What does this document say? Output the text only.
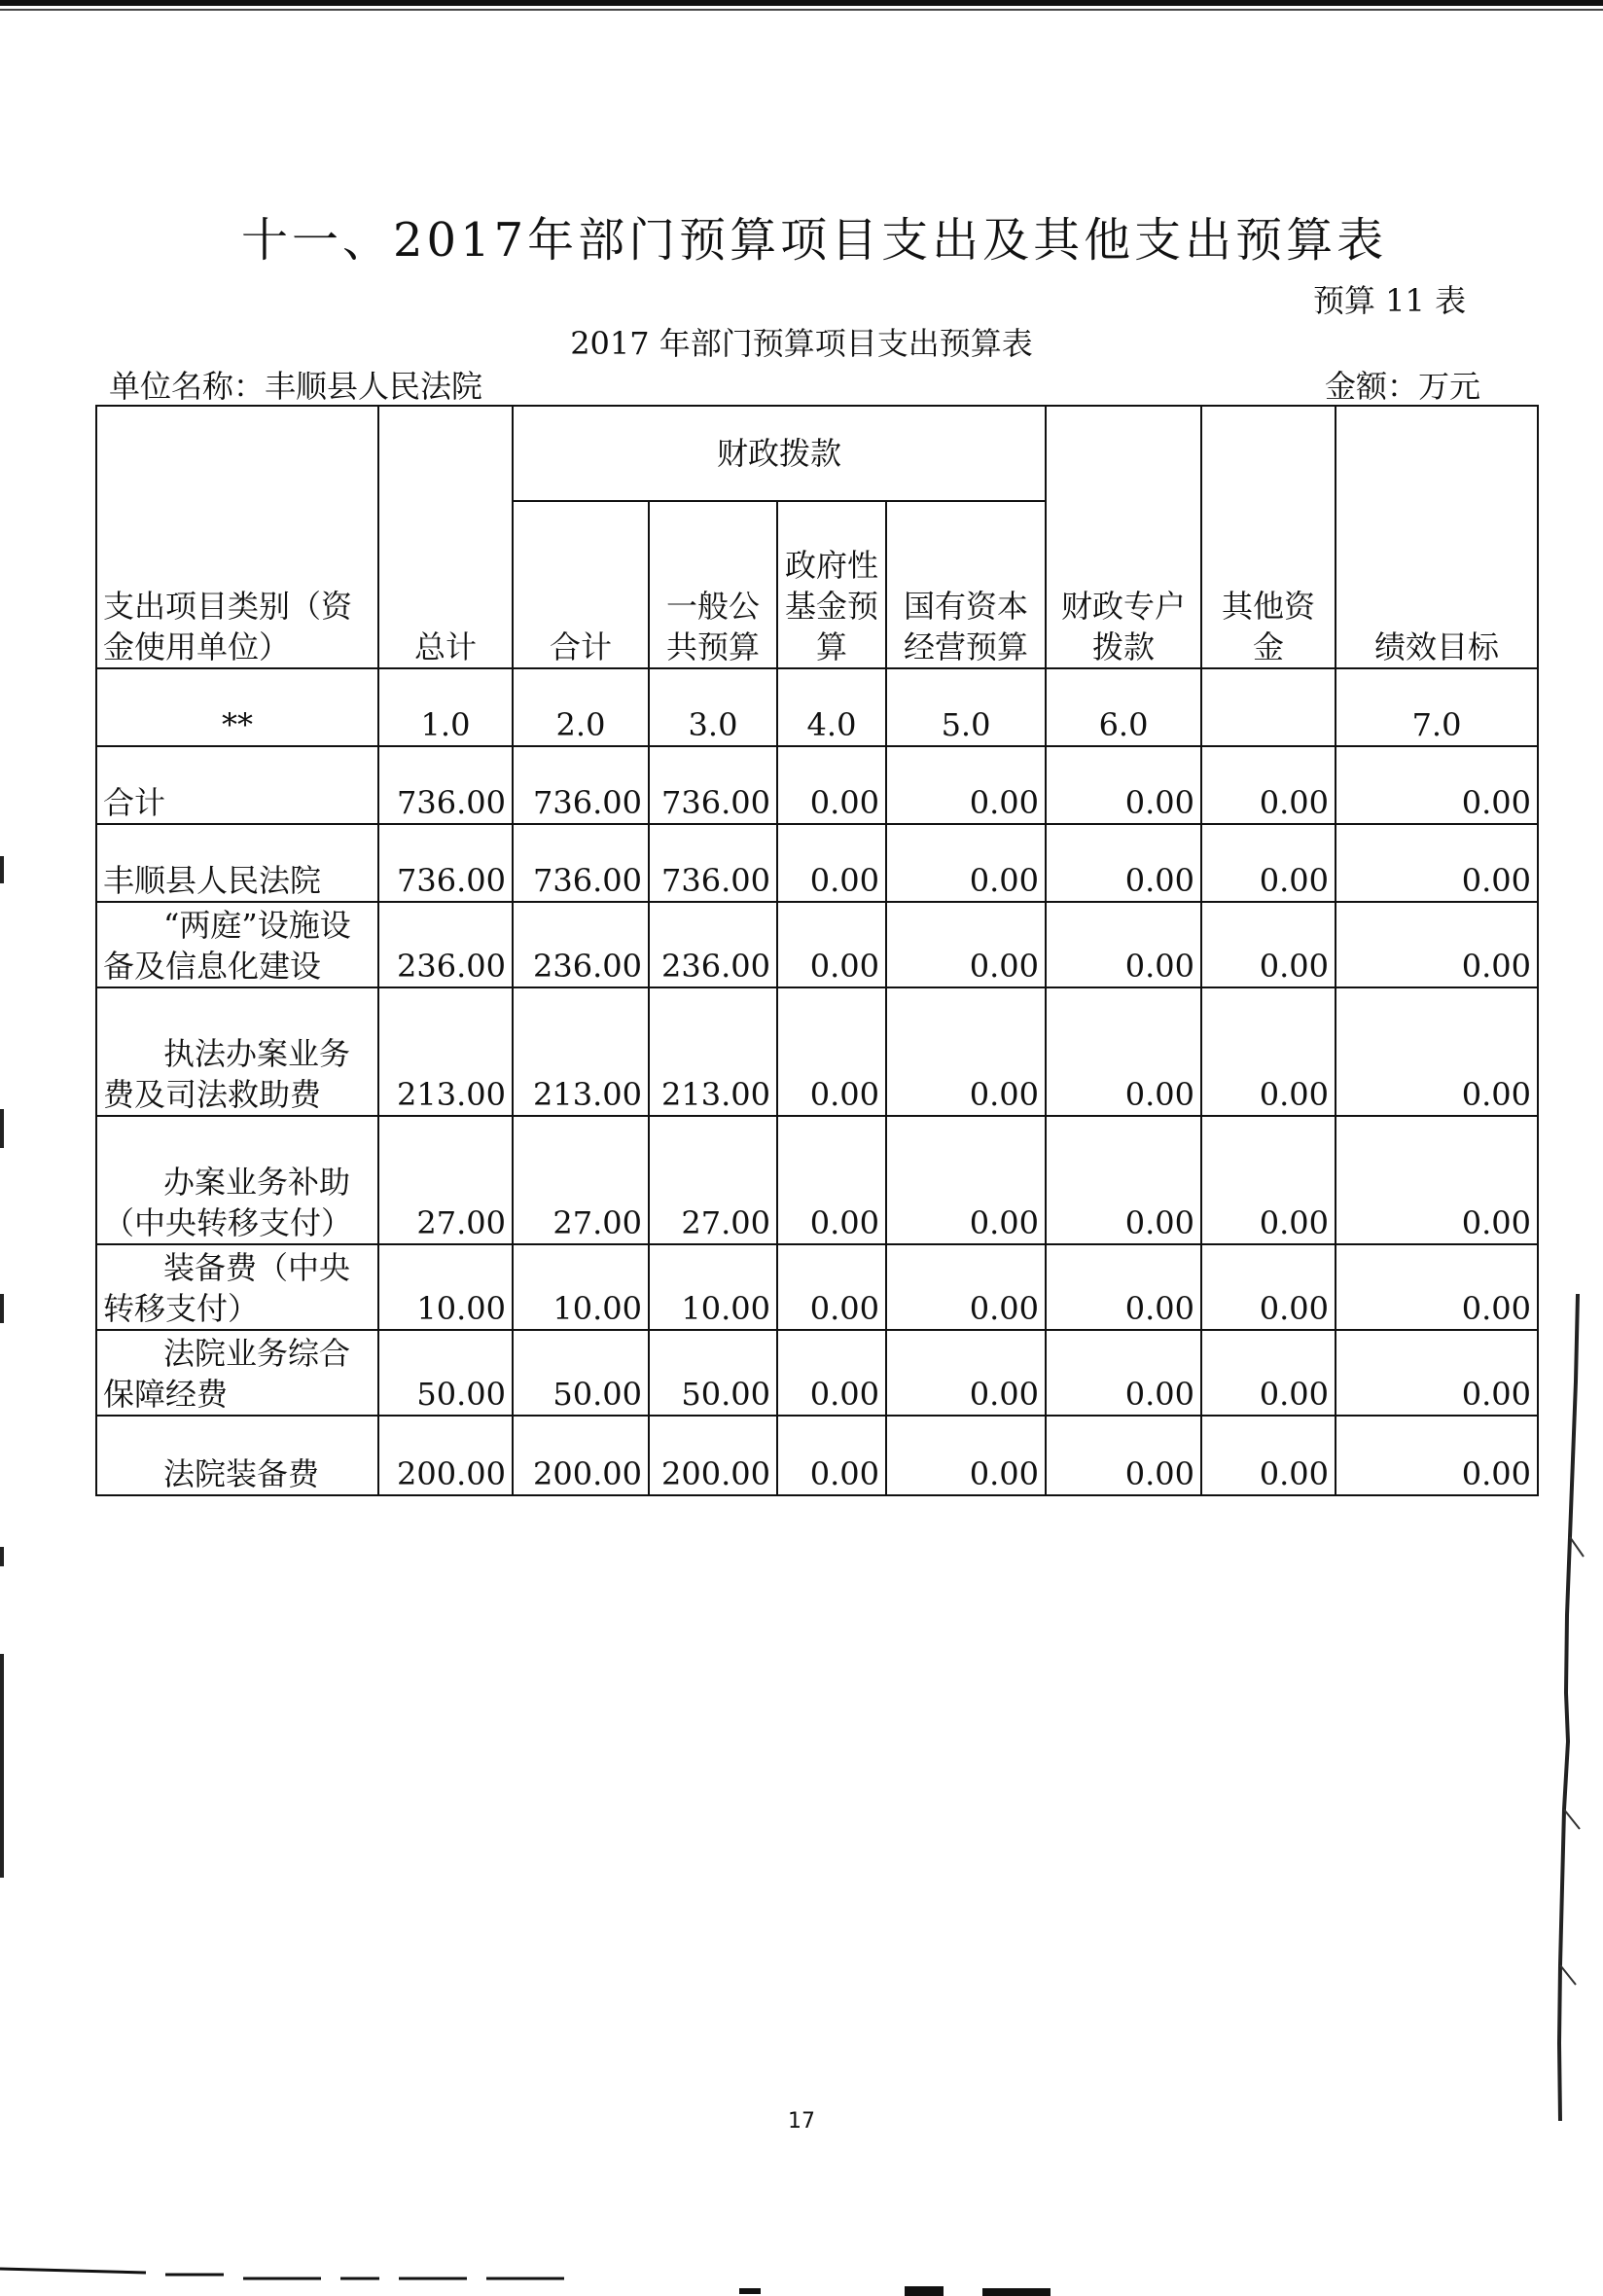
十一、2017年部门预算项目支出及其他支出预算表
预算 11 表
2017 年部门预算项目支出预算表
单位名称：丰顺县人民法院	金额：万元
支出项目类别（资金使用单位）	总计	财政拨款				财政专户拨款	其他资金	绩效目标
		合计	一般公共预算	政府性基金预算	国有资本经营预算			
**	1.0	2.0	3.0	4.0	5.0	6.0		7.0
合计	736.00	736.00	736.00	0.00	0.00	0.00	0.00	0.00
丰顺县人民法院	736.00	736.00	736.00	0.00	0.00	0.00	0.00	0.00
“两庭”设施设备及信息化建设	236.00	236.00	236.00	0.00	0.00	0.00	0.00	0.00
执法办案业务费及司法救助费	213.00	213.00	213.00	0.00	0.00	0.00	0.00	0.00
办案业务补助（中央转移支付）	27.00	27.00	27.00	0.00	0.00	0.00	0.00	0.00
装备费（中央转移支付）	10.00	10.00	10.00	0.00	0.00	0.00	0.00	0.00
法院业务综合保障经费	50.00	50.00	50.00	0.00	0.00	0.00	0.00	0.00
法院装备费	200.00	200.00	200.00	0.00	0.00	0.00	0.00	0.00
17
